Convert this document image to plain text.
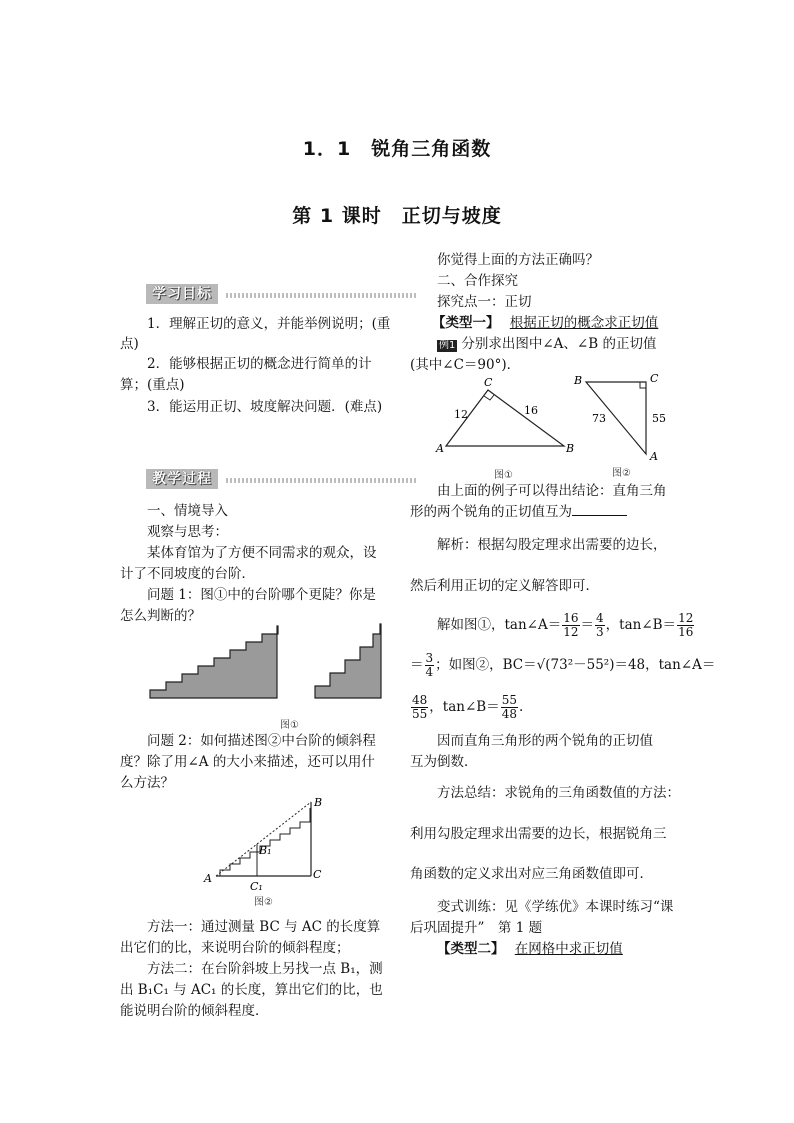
1．1　锐角三角函数
第 1 课时　正切与坡度
学习目标
1．理解正切的意义，并能举例说明；(重
点)
2．能够根据正切的概念进行简单的计
算；(重点)
3．能运用正切、坡度解决问题．(难点)
教学过程
一、情境导入
观察与思考：
某体育馆为了方便不同需求的观众，设
计了不同坡度的台阶．
问题 1：图①中的台阶哪个更陡？你是
怎么判断的？
图①
问题 2：如何描述图②中台阶的倾斜程
度？除了用∠A 的大小来描述，还可以用什
么方法？
A
B
C
B₁
C₁
图②
方法一：通过测量 BC 与 AC 的长度算
出它们的比，来说明台阶的倾斜程度；
方法二：在台阶斜坡上另找一点 B₁，测
出 B₁C₁ 与 AC₁ 的长度，算出它们的比，也
能说明台阶的倾斜程度．
你觉得上面的方法正确吗？
二、合作探究
探究点一：正切
【类型一】 根据正切的概念求正切值
例1 分别求出图中∠A、∠B 的正切值
(其中∠C＝90°)．
A	B
C
12	16
图①
B	C
A
73	55
图②
由上面的例子可以得出结论：直角三角
形的两个锐角的正切值互为
解析：根据勾股定理求出需要的边长，
然后利用正切的定义解答即可．
解如图①，tan∠A＝ $\frac{16}{12} = \frac{4}{3}$ ，tan∠B＝ $\frac{12}{16}$
＝ $\frac{3}{4}$ ；如图②，BC＝√(73²－55²)＝48，tan∠A＝
$\frac{48}{55}$ ，tan∠B＝ $\frac{55}{48}$ .
因而直角三角形的两个锐角的正切值
互为倒数．
方法总结：求锐角的三角函数值的方法：
利用勾股定理求出需要的边长，根据锐角三
角函数的定义求出对应三角函数值即可．
变式训练：见《学练优》本课时练习“课
后巩固提升”　第 1 题
【类型二】 在网格中求正切值
